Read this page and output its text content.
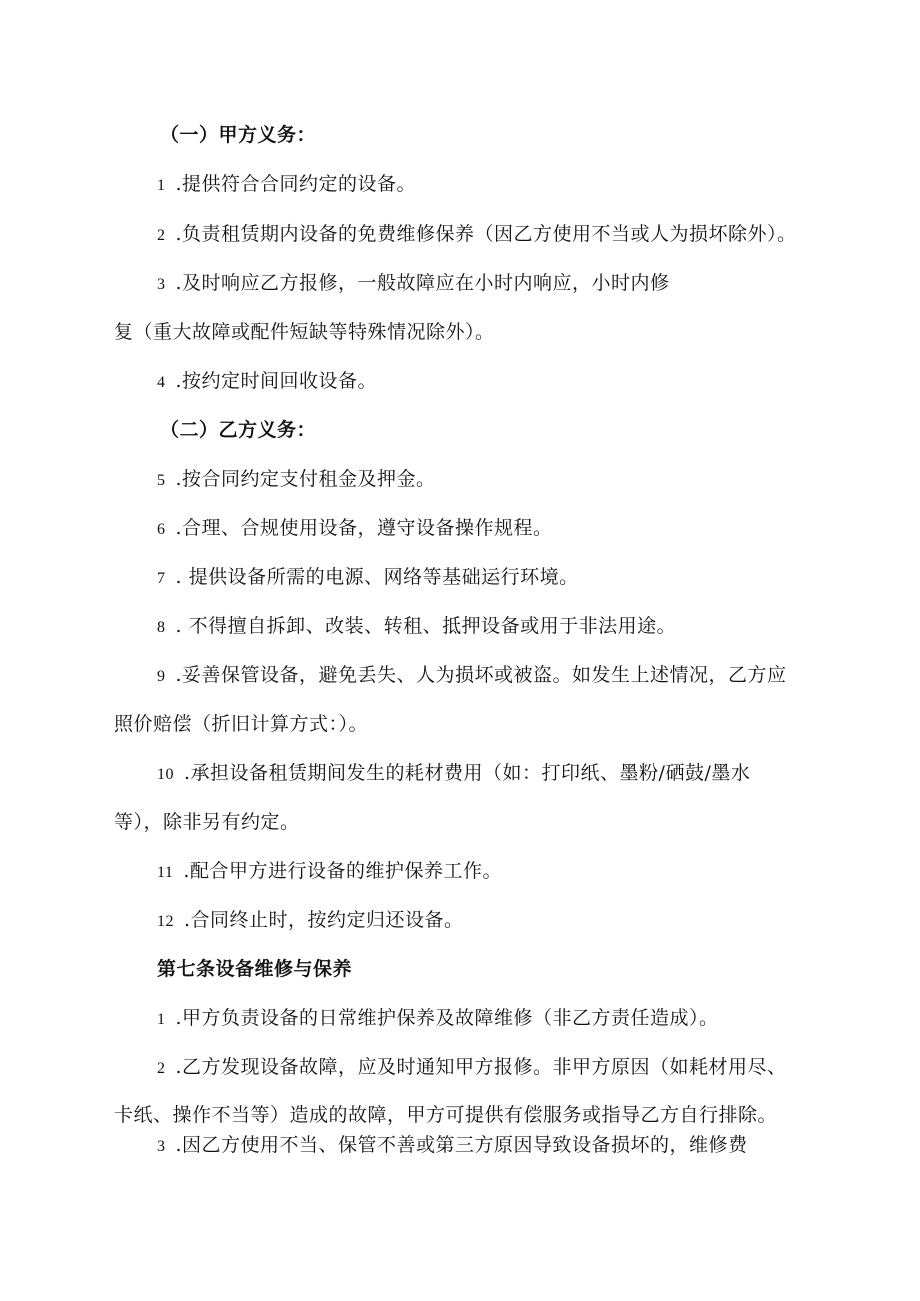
（一）甲方义务：
1 .提供符合合同约定的设备。
2 .负责租赁期内设备的免费维修保养（因乙方使用不当或人为损坏除外）。
3 .及时响应乙方报修，一般故障应在小时内响应，小时内修
复（重大故障或配件短缺等特殊情况除外）。
4 .按约定时间回收设备。
（二）乙方义务：
5 .按合同约定支付租金及押金。
6 .合理、合规使用设备，遵守设备操作规程。
7 . 提供设备所需的电源、网络等基础运行环境。
8 . 不得擅自拆卸、改装、转租、抵押设备或用于非法用途。
9 .妥善保管设备，避免丢失、人为损坏或被盗。如发生上述情况，乙方应
照价赔偿（折旧计算方式：）。
10 .承担设备租赁期间发生的耗材费用（如：打印纸、墨粉/硒鼓/墨水
等），除非另有约定。
11 .配合甲方进行设备的维护保养工作。
12 .合同终止时，按约定归还设备。
第七条设备维修与保养
1 .甲方负责设备的日常维护保养及故障维修（非乙方责任造成）。
2 .乙方发现设备故障，应及时通知甲方报修。非甲方原因（如耗材用尽、
卡纸、操作不当等）造成的故障，甲方可提供有偿服务或指导乙方自行排除。
3 .因乙方使用不当、保管不善或第三方原因导致设备损坏的，维修费
